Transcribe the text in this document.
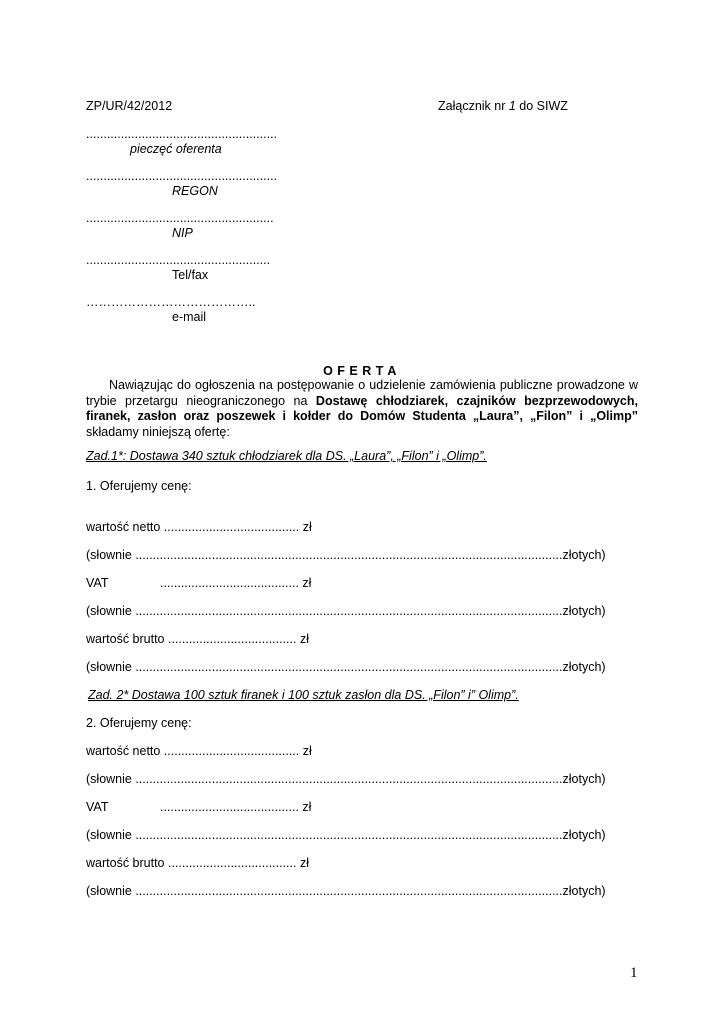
ZP/UR/42/2012	Załącznik nr 1 do SIWZ
.......................................................
pieczęć oferenta
.......................................................
REGON
......................................................
NIP
.....................................................
Tel/fax
…………………………………..
e-mail
O F E R T A
Nawiązując do ogłoszenia na postępowanie o udzielenie zamówienia publiczne prowadzone w trybie przetargu nieograniczonego na Dostawę chłodziarek, czajników bezprzewodowych, firanek, zasłon oraz poszewek i kołder do Domów Studenta „Laura”, „Filon” i „Olimp” składamy niniejszą ofertę:
Zad.1*: Dostawa 340 sztuk chłodziarek dla DS. „Laura”, „Filon” i „Olimp”.
1. Oferujemy cenę:
wartość netto ....................................... zł
(słownie ...........................................................................................................................złotych)
VAT	........................................ zł
(słownie ...........................................................................................................................złotych)
wartość brutto ..................................... zł
(słownie ...........................................................................................................................złotych)
Zad. 2* Dostawa 100 sztuk firanek i 100 sztuk zasłon dla DS. „Filon” i” Olimp”.
2. Oferujemy cenę:
wartość netto ....................................... zł
(słownie ...........................................................................................................................złotych)
VAT	........................................ zł
(słownie ...........................................................................................................................złotych)
wartość brutto ..................................... zł
(słownie ...........................................................................................................................złotych)
1
